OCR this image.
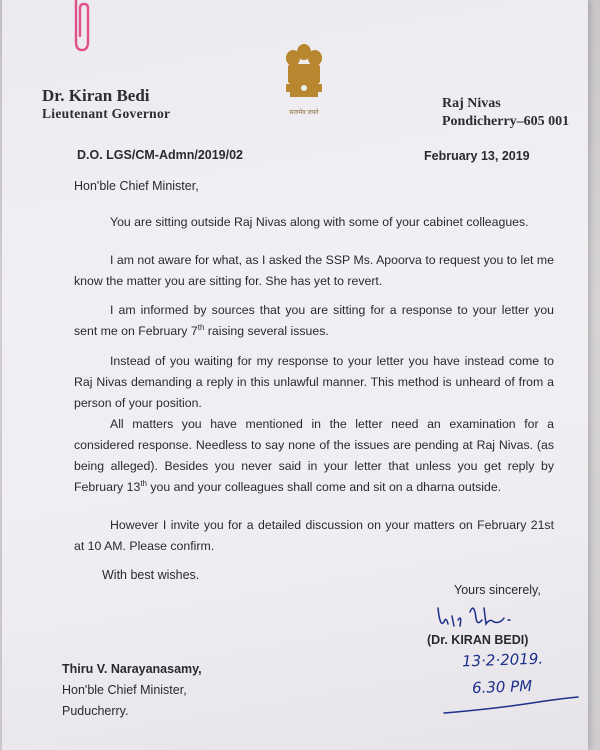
Dr. Kiran Bedi
Lieutenant Governor	सत्यमेव जयते
Raj Nivas
Pondicherry–605 001
D.O. LGS/CM-Admn/2019/02	February 13, 2019
Hon'ble Chief Minister,

You are sitting outside Raj Nivas along with some of your cabinet colleagues.

I am not aware for what, as I asked the SSP Ms. Apoorva to request you to let me know the matter you are sitting for. She has yet to revert.

I am informed by sources that you are sitting for a response to your letter you sent me on February 7th raising several issues.

Instead of you waiting for my response to your letter you have instead come to Raj Nivas demanding a reply in this unlawful manner. This method is unheard of from a person of your position.

All matters you have mentioned in the letter need an examination for a considered response. Needless to say none of the issues are pending at Raj Nivas. (as being alleged). Besides you never said in your letter that unless you get reply by February 13th you and your colleagues shall come and sit on a dharna outside.

However I invite you for a detailed discussion on your matters on February 21st at 10 AM. Please confirm.

With best wishes.
Yours sincerely,
(Dr. KIRAN BEDI)
13·2·2019.
6.30 PM
Thiru V. Narayanasamy,
Hon'ble Chief Minister,
Puducherry.
